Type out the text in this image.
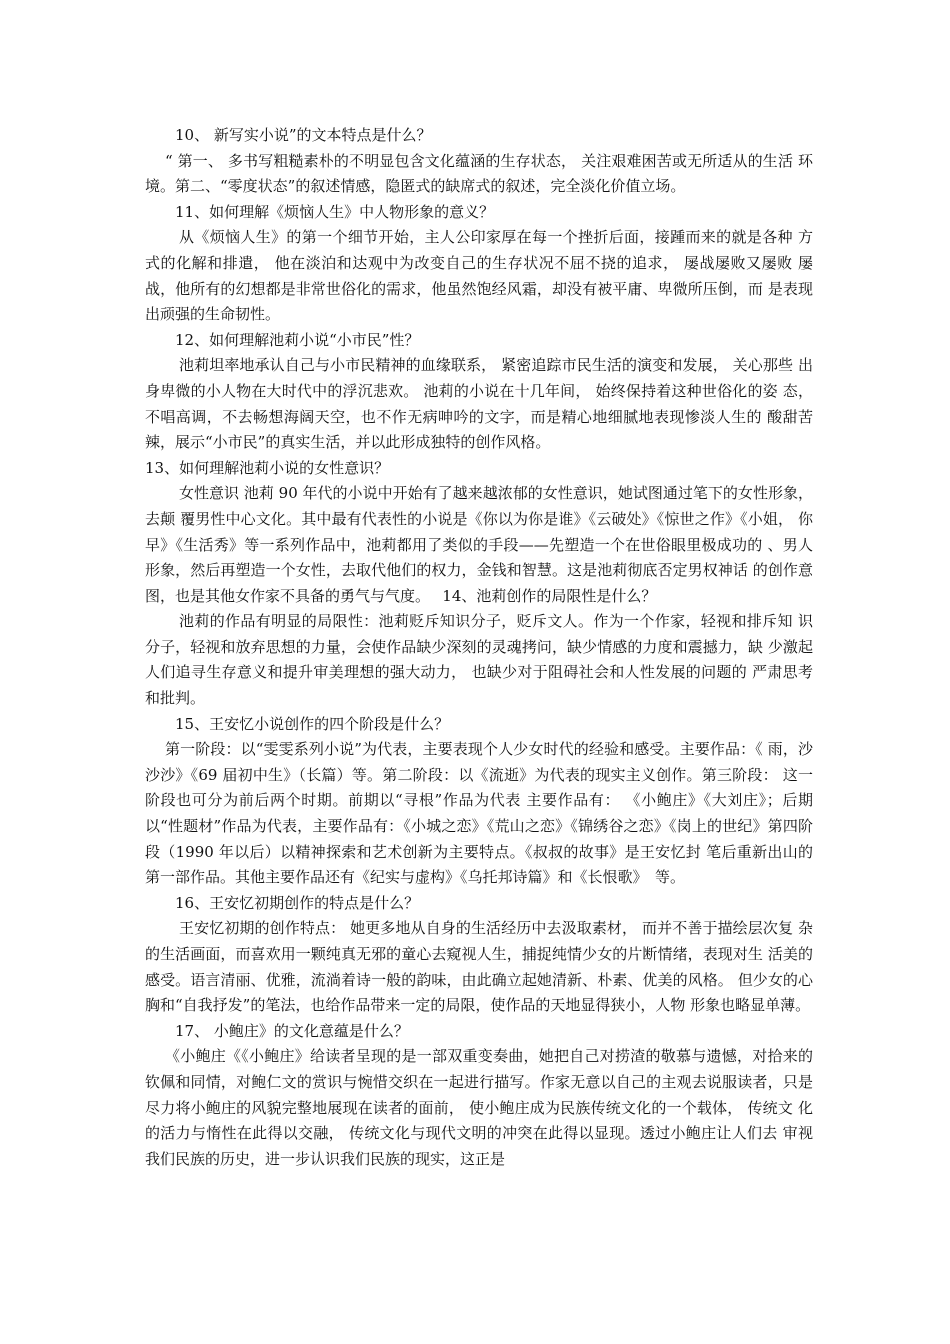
10、 新写实小说”的文本特点是什么？

“ 第一、 多书写粗糙素朴的不明显包含文化蕴涵的生存状态， 关注艰难困苦或无所适从的生活 环境。第二、“零度状态”的叙述情感，隐匿式的缺席式的叙述，完全淡化价值立场。

11、如何理解《烦恼人生》中人物形象的意义？

从《烦恼人生》的第一个细节开始，主人公印家厚在每一个挫折后面，接踵而来的就是各种 方式的化解和排遣， 他在淡泊和达观中为改变自己的生存状况不屈不挠的追求， 屡战屡败又屡败 屡战，他所有的幻想都是非常世俗化的需求，他虽然饱经风霜，却没有被平庸、卑微所压倒，而 是表现出顽强的生命韧性。

12、如何理解池莉小说“小市民”性？

池莉坦率地承认自己与小市民精神的血缘联系， 紧密追踪市民生活的演变和发展， 关心那些 出身卑微的小人物在大时代中的浮沉悲欢。 池莉的小说在十几年间， 始终保持着这种世俗化的姿 态，不唱高调，不去畅想海阔天空，也不作无病呻吟的文字，而是精心地细腻地表现惨淡人生的 酸甜苦辣，展示“小市民”的真实生活，并以此形成独特的创作风格。

13、如何理解池莉小说的女性意识？

女性意识 池莉 90 年代的小说中开始有了越来越浓郁的女性意识，她试图通过笔下的女性形象，去颠 覆男性中心文化。其中最有代表性的小说是《你以为你是谁》《云破处》《惊世之作》《小姐， 你早》《生活秀》等一系列作品中，池莉都用了类似的手段——先塑造一个在世俗眼里极成功的 、男人形象，然后再塑造一个女性，去取代他们的权力，金钱和智慧。这是池莉彻底否定男权神话 的创作意图，也是其他女作家不具备的勇气与气度。　 14、池莉创作的局限性是什么？

池莉的作品有明显的局限性：池莉贬斥知识分子，贬斥文人。作为一个作家，轻视和排斥知 识分子，轻视和放弃思想的力量，会使作品缺少深刻的灵魂拷问，缺少情感的力度和震撼力，缺 少激起人们追寻生存意义和提升审美理想的强大动力， 也缺少对于阻碍社会和人性发展的问题的 严肃思考和批判。

15、王安忆小说创作的四个阶段是什么？

第一阶段：以“雯雯系列小说”为代表，主要表现个人少女时代的经验和感受。主要作品：《 雨，沙沙沙》《69 届初中生》（长篇）等。第二阶段：以《流逝》为代表的现实主义创作。第三阶段： 这一阶段也可分为前后两个时期。前期以“寻根”作品为代表 主要作品有： 《小鲍庄》《大刘庄》；后期以“性题材”作品为代表，主要作品有：《小城之恋》《荒山之恋》《锦绣谷之恋》《岗上的世纪》第四阶段（1990 年以后）以精神探索和艺术创新为主要特点。《叔叔的故事》是王安忆封 笔后重新出山的第一部作品。其他主要作品还有《纪实与虚构》《乌托邦诗篇》和《长恨歌》　等。

16、王安忆初期创作的特点是什么？

王安忆初期的创作特点： 她更多地从自身的生活经历中去汲取素材， 而并不善于描绘层次复 杂的生活画面，而喜欢用一颗纯真无邪的童心去窥视人生，捕捉纯情少女的片断情绪，表现对生 活美的感受。语言清丽、优雅，流淌着诗一般的韵味，由此确立起她清新、朴素、优美的风格。 但少女的心胸和“自我抒发”的笔法，也给作品带来一定的局限，使作品的天地显得狭小，人物 形象也略显单薄。

17、 小鲍庄》的文化意蕴是什么？

《小鲍庄《《小鲍庄》给读者呈现的是一部双重变奏曲，她把自己对捞渣的敬慕与遗憾，对拾来的钦佩和同情，对鲍仁文的赏识与惋惜交织在一起进行描写。作家无意以自己的主观去说服读者，只是 尽力将小鲍庄的风貌完整地展现在读者的面前， 使小鲍庄成为民族传统文化的一个载体， 传统文 化的活力与惰性在此得以交融， 传统文化与现代文明的冲突在此得以显现。透过小鲍庄让人们去 审视我们民族的历史，进一步认识我们民族的现实，这正是
